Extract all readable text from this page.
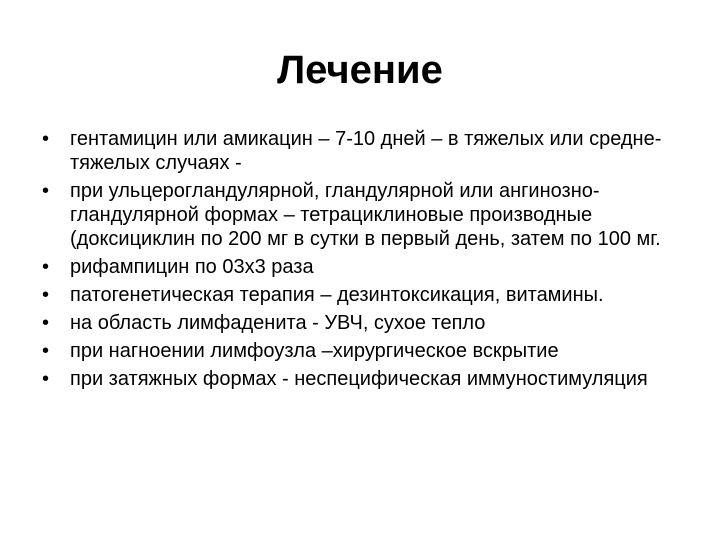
Лечение
•	гентамицин или амикацин – 7-10 дней – в тяжелых или средне-тяжелых случаях -
•	при ульцерогландулярной, гландулярной или ангинозно-гландулярной формах – тетрациклиновые производные (доксициклин по 200 мг в сутки в первый день, затем по 100 мг.
•	рифампицин по 03х3 раза
•	патогенетическая терапия – дезинтоксикация, витамины.
•	на область лимфаденита - УВЧ, сухое тепло
•	при нагноении лимфоузла –хирургическое вскрытие
•	при затяжных формах - неспецифическая иммуностимуляция
